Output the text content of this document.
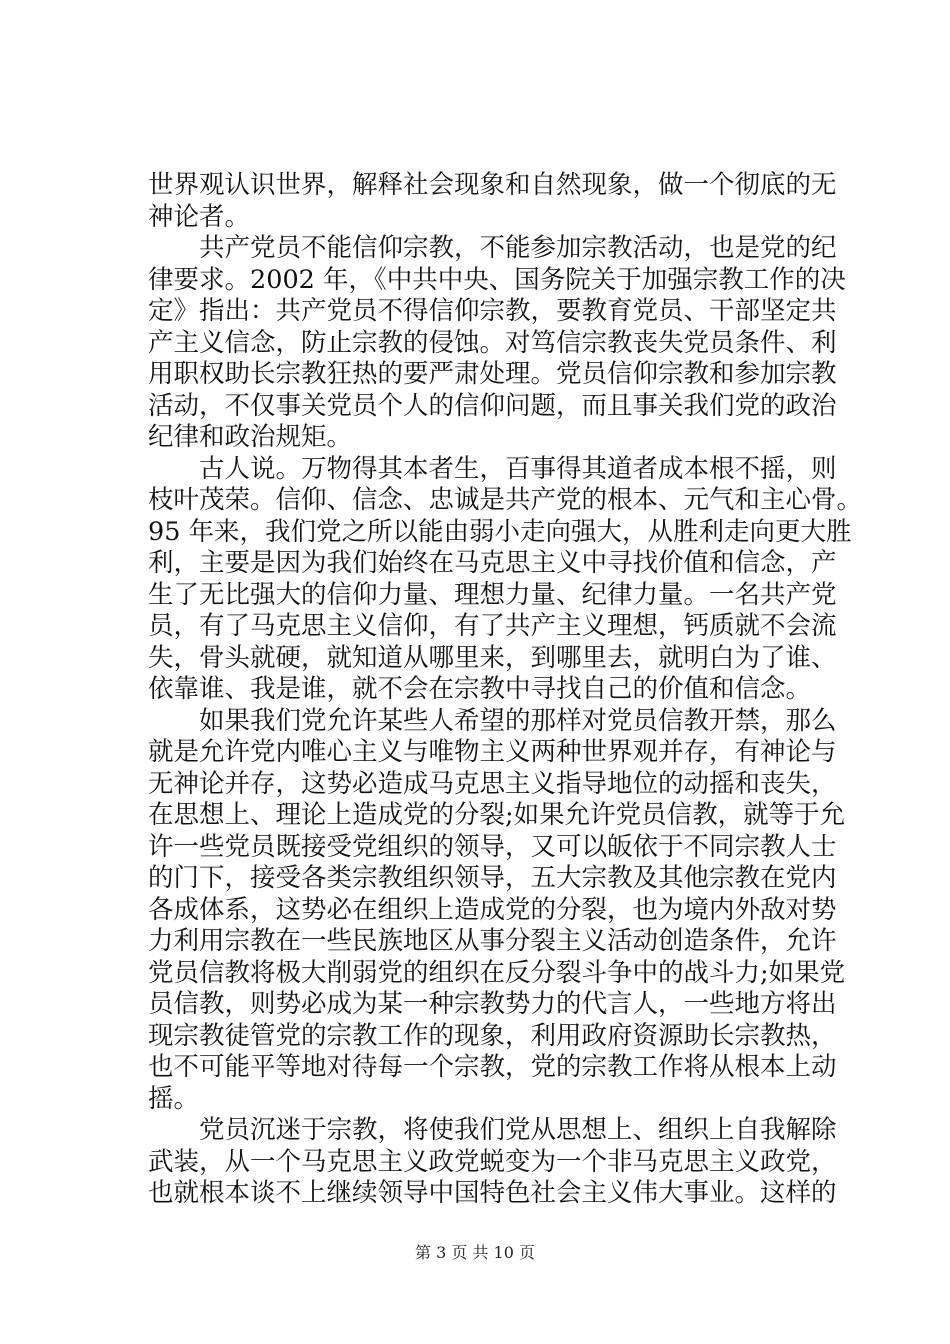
世界观认识世界，解释社会现象和自然现象，做一个彻底的无
神论者。
　　共产党员不能信仰宗教，不能参加宗教活动，也是党的纪
律要求。2002 年，《中共中央、国务院关于加强宗教工作的决
定》指出：共产党员不得信仰宗教，要教育党员、干部坚定共
产主义信念，防止宗教的侵蚀。对笃信宗教丧失党员条件、利
用职权助长宗教狂热的要严肃处理。党员信仰宗教和参加宗教
活动，不仅事关党员个人的信仰问题，而且事关我们党的政治
纪律和政治规矩。
　　古人说。万物得其本者生，百事得其道者成本根不摇，则
枝叶茂荣。信仰、信念、忠诚是共产党的根本、元气和主心骨。
95 年来，我们党之所以能由弱小走向强大，从胜利走向更大胜
利，主要是因为我们始终在马克思主义中寻找价值和信念，产
生了无比强大的信仰力量、理想力量、纪律力量。一名共产党
员，有了马克思主义信仰，有了共产主义理想，钙质就不会流
失，骨头就硬，就知道从哪里来，到哪里去，就明白为了谁、
依靠谁、我是谁，就不会在宗教中寻找自己的价值和信念。
　　如果我们党允许某些人希望的那样对党员信教开禁，那么
就是允许党内唯心主义与唯物主义两种世界观并存，有神论与
无神论并存，这势必造成马克思主义指导地位的动摇和丧失，
在思想上、理论上造成党的分裂;如果允许党员信教，就等于允
许一些党员既接受党组织的领导，又可以皈依于不同宗教人士
的门下，接受各类宗教组织领导，五大宗教及其他宗教在党内
各成体系，这势必在组织上造成党的分裂，也为境内外敌对势
力利用宗教在一些民族地区从事分裂主义活动创造条件，允许
党员信教将极大削弱党的组织在反分裂斗争中的战斗力;如果党
员信教，则势必成为某一种宗教势力的代言人，一些地方将出
现宗教徒管党的宗教工作的现象，利用政府资源助长宗教热，
也不可能平等地对待每一个宗教，党的宗教工作将从根本上动
摇。
　　党员沉迷于宗教，将使我们党从思想上、组织上自我解除
武装，从一个马克思主义政党蜕变为一个非马克思主义政党，
也就根本谈不上继续领导中国特色社会主义伟大事业。这样的
第 3 页 共 10 页
